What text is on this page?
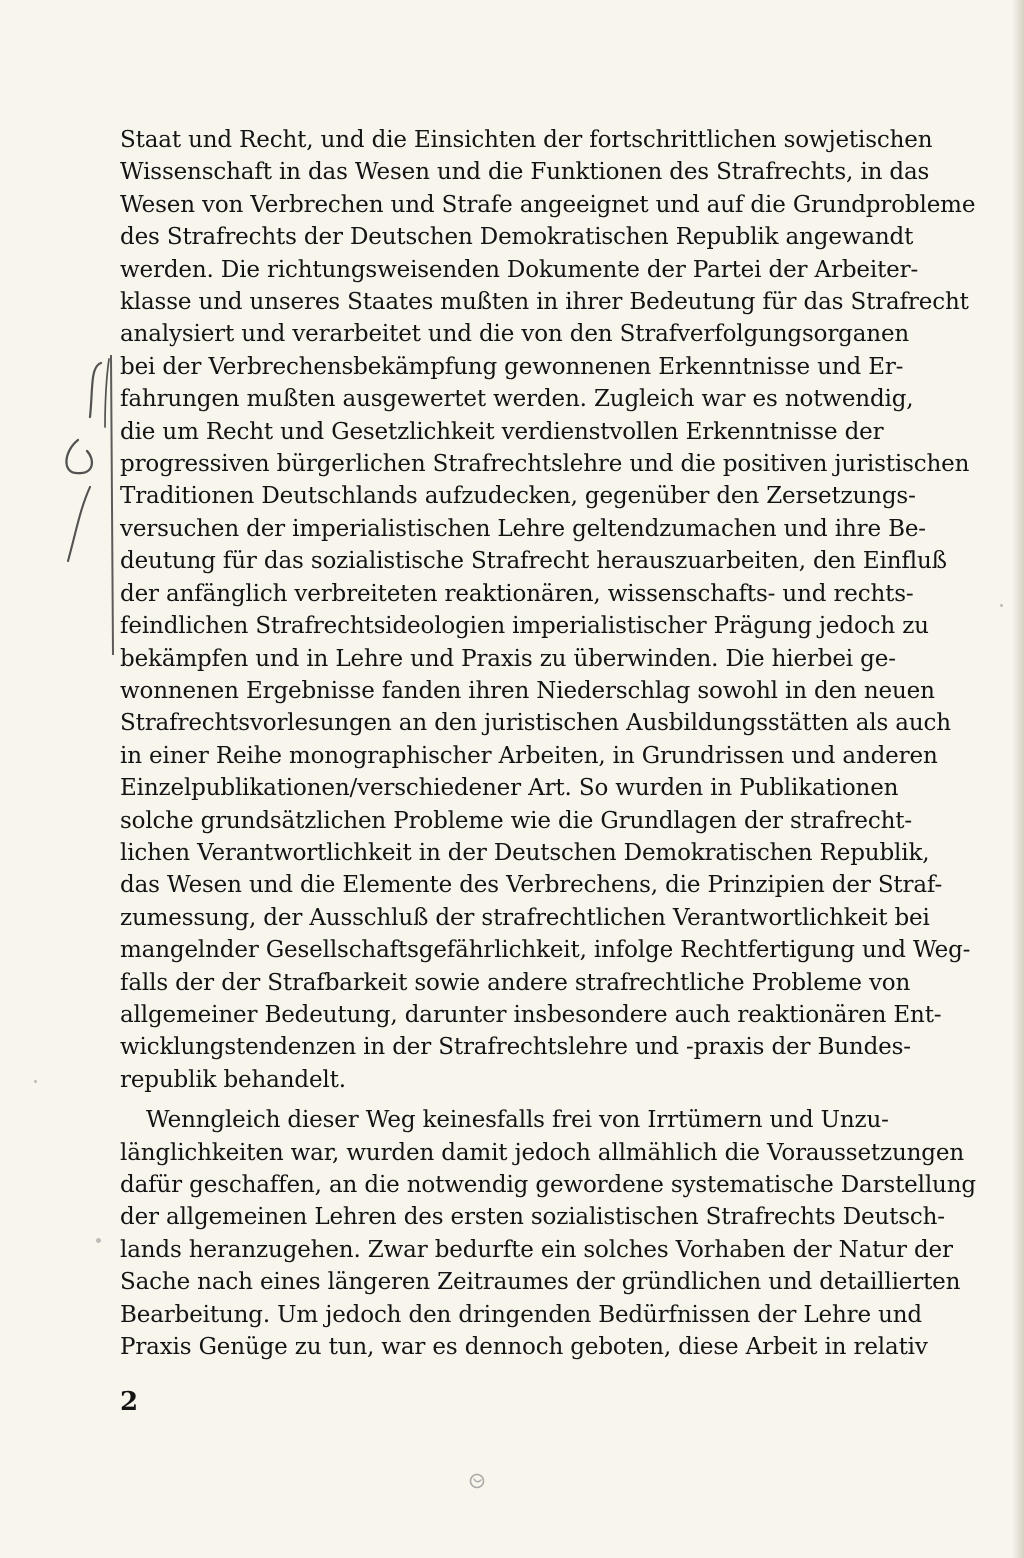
Staat und Recht, und die Einsichten der fortschrittlichen sowjetischen
Wissenschaft in das Wesen und die Funktionen des Strafrechts, in das
Wesen von Verbrechen und Strafe angeeignet und auf die Grundprobleme
des Strafrechts der Deutschen Demokratischen Republik angewandt
werden. Die richtungsweisenden Dokumente der Partei der Arbeiter-
klasse und unseres Staates mußten in ihrer Bedeutung für das Strafrecht
analysiert und verarbeitet und die von den Strafverfolgungsorganen
bei der Verbrechensbekämpfung gewonnenen Erkenntnisse und Er-
fahrungen mußten ausgewertet werden. Zugleich war es notwendig,
die um Recht und Gesetzlichkeit verdienstvollen Erkenntnisse der
progressiven bürgerlichen Strafrechtslehre und die positiven juristischen
Traditionen Deutschlands aufzudecken, gegenüber den Zersetzungs-
versuchen der imperialistischen Lehre geltendzumachen und ihre Be-
deutung für das sozialistische Strafrecht herauszuarbeiten, den Einfluß
der anfänglich verbreiteten reaktionären, wissenschafts- und rechts-
feindlichen Strafrechtsideologien imperialistischer Prägung jedoch zu
bekämpfen und in Lehre und Praxis zu überwinden. Die hierbei ge-
wonnenen Ergebnisse fanden ihren Niederschlag sowohl in den neuen
Strafrechtsvorlesungen an den juristischen Ausbildungsstätten als auch
in einer Reihe monographischer Arbeiten, in Grundrissen und anderen
Einzelpublikationen/verschiedener Art. So wurden in Publikationen
solche grundsätzlichen Probleme wie die Grundlagen der strafrecht-
lichen Verantwortlichkeit in der Deutschen Demokratischen Republik,
das Wesen und die Elemente des Verbrechens, die Prinzipien der Straf-
zumessung, der Ausschluß der strafrechtlichen Verantwortlichkeit bei
mangelnder Gesellschaftsgefährlichkeit, infolge Rechtfertigung und Weg-
falls der der Strafbarkeit sowie andere strafrechtliche Probleme von
allgemeiner Bedeutung, darunter insbesondere auch reaktionären Ent-
wicklungstendenzen in der Strafrechtslehre und -praxis der Bundes-
republik behandelt.
Wenngleich dieser Weg keinesfalls frei von Irrtümern und Unzu-
länglichkeiten war, wurden damit jedoch allmählich die Voraussetzungen
dafür geschaffen, an die notwendig gewordene systematische Darstellung
der allgemeinen Lehren des ersten sozialistischen Strafrechts Deutsch-
lands heranzugehen. Zwar bedurfte ein solches Vorhaben der Natur der
Sache nach eines längeren Zeitraumes der gründlichen und detaillierten
Bearbeitung. Um jedoch den dringenden Bedürfnissen der Lehre und
Praxis Genüge zu tun, war es dennoch geboten, diese Arbeit in relativ
2
